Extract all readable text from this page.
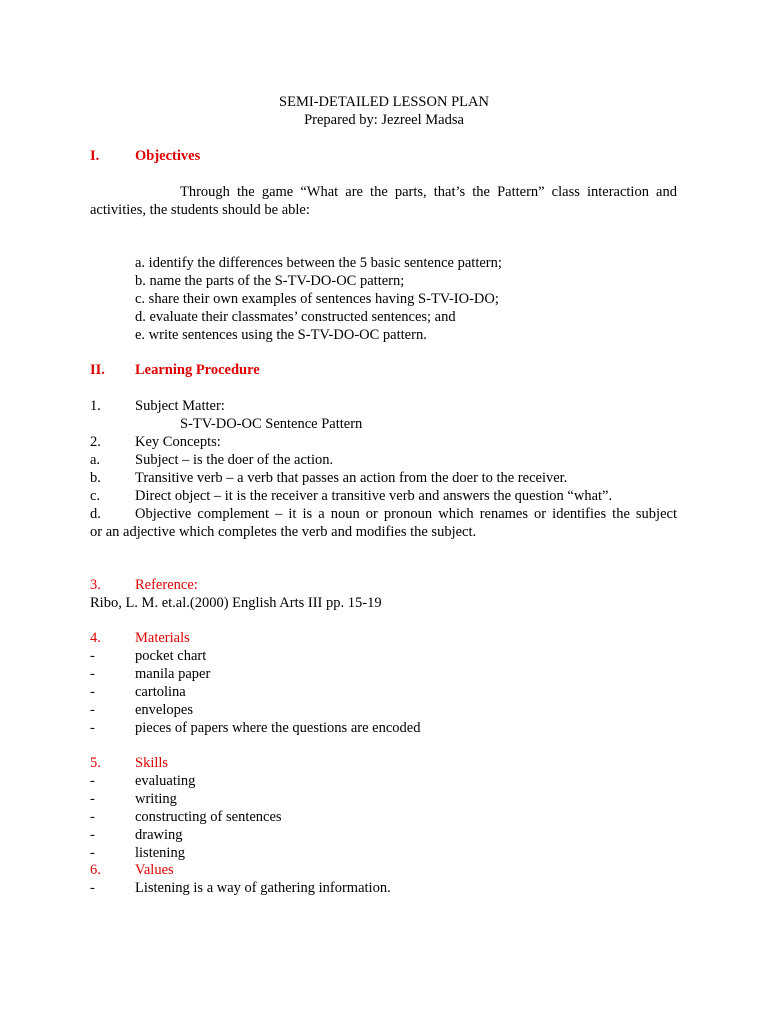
SEMI-DETAILED LESSON PLAN
Prepared by: Jezreel Madsa
I. Objectives
Through the game “What are the parts, that’s the Pattern” class interaction and
activities, the students should be able:
a. identify the differences between the 5 basic sentence pattern;
b. name the parts of the S-TV-DO-OC pattern;
c. share their own examples of sentences having S-TV-IO-DO;
d. evaluate their classmates’ constructed sentences; and
e. write sentences using the S-TV-DO-OC pattern.
II. Learning Procedure
1. Subject Matter:
S-TV-DO-OC Sentence Pattern
2. Key Concepts:
a. Subject – is the doer of the action.
b. Transitive verb – a verb that passes an action from the doer to the receiver.
c. Direct object – it is the receiver a transitive verb and answers the question “what”.
d. Objective complement – it is a noun or pronoun which renames or identifies the subject
or an adjective which completes the verb and modifies the subject.
3. Reference:
Ribo, L. M. et.al.(2000) English Arts III pp. 15-19
4. Materials
-	pocket chart
-	manila paper
-	cartolina
-	envelopes
-	pieces of papers where the questions are encoded
5. Skills
-	evaluating
-	writing
-	constructing of sentences
-	drawing
-	listening
6. Values
-	Listening is a way of gathering information.
